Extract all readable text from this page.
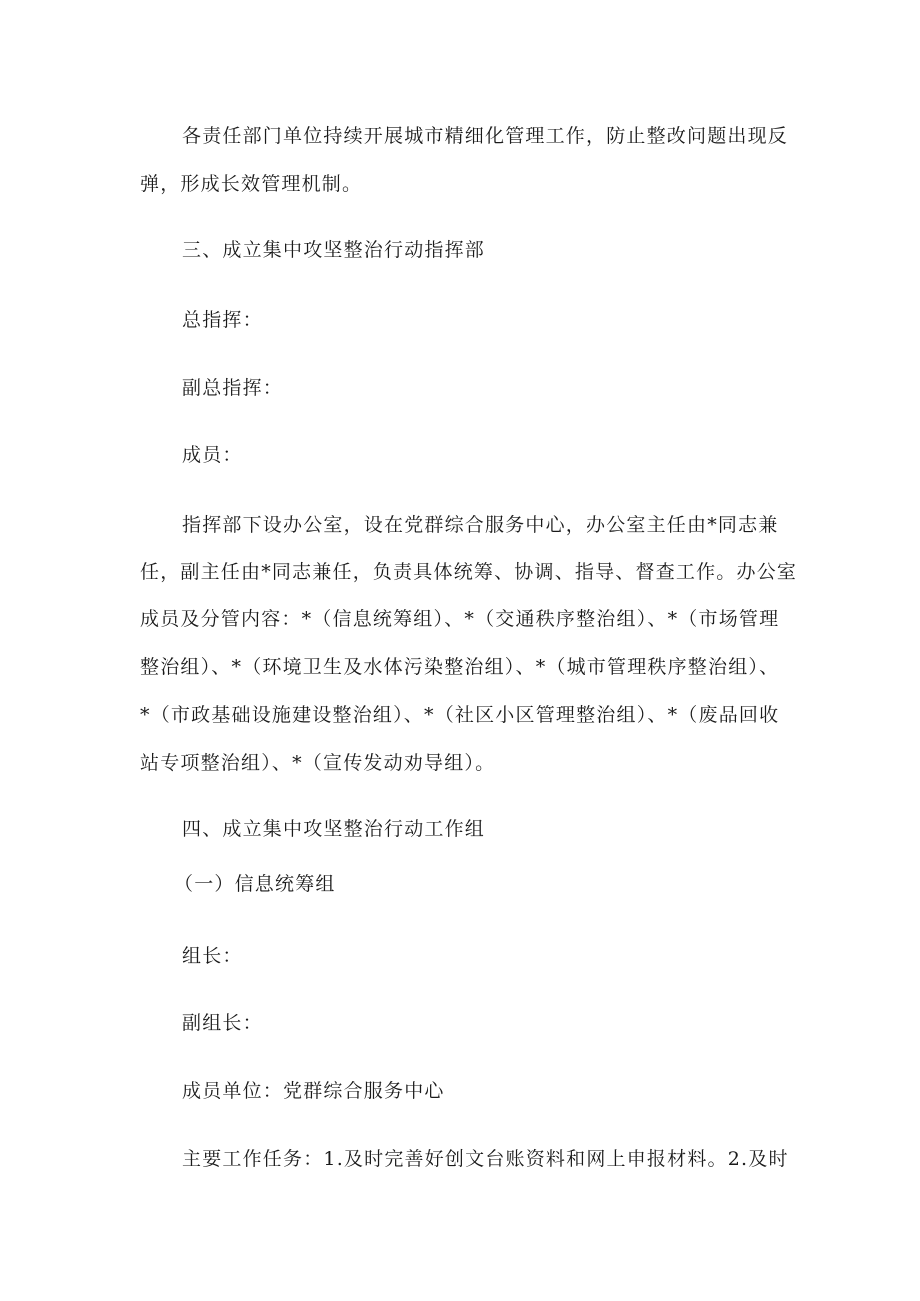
各责任部门单位持续开展城市精细化管理工作，防止整改问题出现反
弹，形成长效管理机制。
三、成立集中攻坚整治行动指挥部
总指挥：
副总指挥：
成员：
指挥部下设办公室，设在党群综合服务中心，办公室主任由*同志兼
任，副主任由*同志兼任，负责具体统筹、协调、指导、督查工作。办公室
成员及分管内容：*（信息统筹组）、*（交通秩序整治组）、*（市场管理
整治组）、*（环境卫生及水体污染整治组）、*（城市管理秩序整治组）、
*（市政基础设施建设整治组）、*（社区小区管理整治组）、*（废品回收
站专项整治组）、*（宣传发动劝导组）。
四、成立集中攻坚整治行动工作组
（一）信息统筹组
组长：
副组长：
成员单位：党群综合服务中心
主要工作任务：1.及时完善好创文台账资料和网上申报材料。2.及时
